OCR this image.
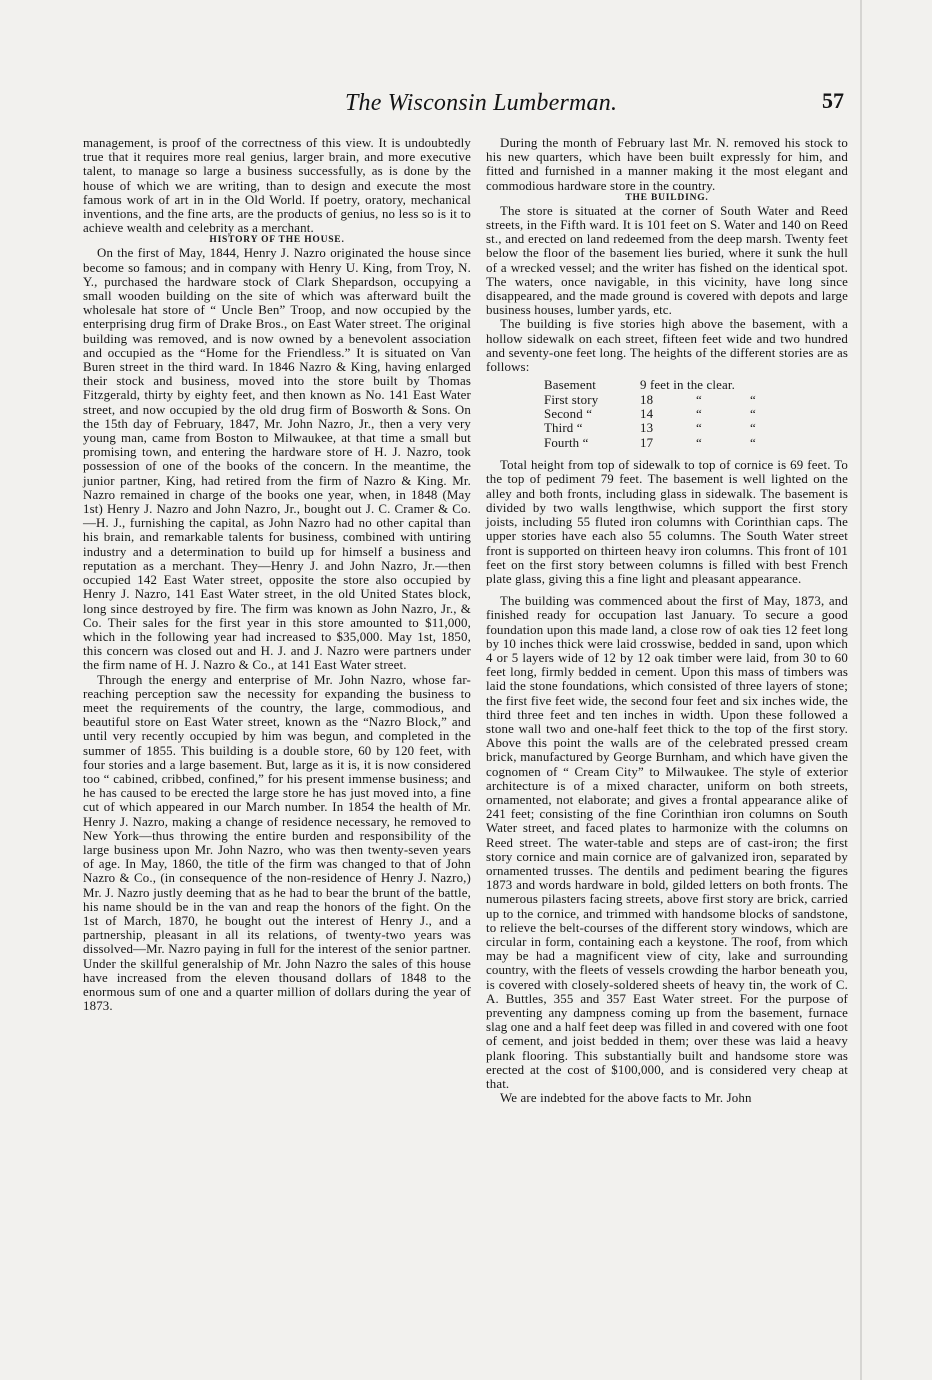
The Wisconsin Lumberman.	57

management, is proof of the correctness of this view. It is undoubtedly true that it requires more real genius, larger brain, and more executive talent, to manage so large a business successfully, as is done by the house of which we are writing, than to design and execute the most famous work of art in in the Old World. If poetry, oratory, mechanical inventions, and the fine arts, are the products of genius, no less so is it to achieve wealth and celebrity as a merchant.

HISTORY OF THE HOUSE.

On the first of May, 1844, Henry J. Nazro originated the house since become so famous; and in company with Henry U. King, from Troy, N. Y., purchased the hardware stock of Clark Shepardson, occupying a small wooden building on the site of which was afterward built the wholesale hat store of “ Uncle Ben” Troop, and now occupied by the enterprising drug firm of Drake Bros., on East Water street. The original building was removed, and is now owned by a benevolent association and occupied as the “Home for the Friendless.” It is situated on Van Buren street in the third ward. In 1846 Nazro & King, having enlarged their stock and business, moved into the store built by Thomas Fitzgerald, thirty by eighty feet, and then known as No. 141 East Water street, and now occupied by the old drug firm of Bosworth & Sons. On the 15th day of February, 1847, Mr. John Nazro, Jr., then a very very young man, came from Boston to Milwaukee, at that time a small but promising town, and entering the hardware store of H. J. Nazro, took possession of one of the books of the concern. In the meantime, the junior partner, King, had retired from the firm of Nazro & King. Mr. Nazro remained in charge of the books one year, when, in 1848 (May 1st) Henry J. Nazro and John Nazro, Jr., bought out J. C. Cramer & Co.—H. J., furnishing the capital, as John Nazro had no other capital than his brain, and remarkable talents for business, combined with untiring industry and a determination to build up for himself a business and reputation as a merchant. They—Henry J. and John Nazro, Jr.—then occupied 142 East Water street, opposite the store also occupied by Henry J. Nazro, 141 East Water street, in the old United States block, long since destroyed by fire. The firm was known as John Nazro, Jr., & Co. Their sales for the first year in this store amounted to $11,000, which in the following year had increased to $35,000. May 1st, 1850, this concern was closed out and H. J. and J. Nazro were partners under the firm name of H. J. Nazro & Co., at 141 East Water street.

Through the energy and enterprise of Mr. John Nazro, whose far-reaching perception saw the necessity for expanding the business to meet the requirements of the country, the large, commodious, and beautiful store on East Water street, known as the “Nazro Block,” and until very recently occupied by him was begun, and completed in the summer of 1855. This building is a double store, 60 by 120 feet, with four stories and a large basement. But, large as it is, it is now considered too “ cabined, cribbed, confined,” for his present immense business; and he has caused to be erected the large store he has just moved into, a fine cut of which appeared in our March number. In 1854 the health of Mr. Henry J. Nazro, making a change of residence necessary, he removed to New York—thus throwing the entire burden and responsibility of the large business upon Mr. John Nazro, who was then twenty-seven years of age. In May, 1860, the title of the firm was changed to that of John Nazro & Co., (in consequence of the non-residence of Henry J. Nazro,) Mr. J. Nazro justly deeming that as he had to bear the brunt of the battle, his name should be in the van and reap the honors of the fight. On the 1st of March, 1870, he bought out the interest of Henry J., and a partnership, pleasant in all its relations, of twenty-two years was dissolved—Mr. Nazro paying in full for the interest of the senior partner. Under the skillful generalship of Mr. John Nazro the sales of this house have increased from the eleven thousand dollars of 1848 to the enormous sum of one and a quarter million of dollars during the year of 1873.

During the month of February last Mr. N. removed his stock to his new quarters, which have been built expressly for him, and fitted and furnished in a manner making it the most elegant and commodious hardware store in the country.

THE BUILDING.

The store is situated at the corner of South Water and Reed streets, in the Fifth ward. It is 101 feet on S. Water and 140 on Reed st., and erected on land redeemed from the deep marsh. Twenty feet below the floor of the basement lies buried, where it sunk the hull of a wrecked vessel; and the writer has fished on the identical spot. The waters, once navigable, in this vicinity, have long since disappeared, and the made ground is covered with depots and large business houses, lumber yards, etc.

The building is five stories high above the basement, with a hollow sidewalk on each street, fifteen feet wide and two hundred and seventy-one feet long. The heights of the different stories are as follows:

Basement	9 feet in the clear.		
First story	18	“	“
Second “	14	“	“
Third “	13	“	“
Fourth “	17	“	“

Total height from top of sidewalk to top of cornice is 69 feet. To the top of pediment 79 feet. The basement is well lighted on the alley and both fronts, including glass in sidewalk. The basement is divided by two walls lengthwise, which support the first story joists, including 55 fluted iron columns with Corinthian caps. The upper stories have each also 55 columns. The South Water street front is supported on thirteen heavy iron columns. This front of 101 feet on the first story between columns is filled with best French plate glass, giving this a fine light and pleasant appearance.

The building was commenced about the first of May, 1873, and finished ready for occupation last January. To secure a good foundation upon this made land, a close row of oak ties 12 feet long by 10 inches thick were laid crosswise, bedded in sand, upon which 4 or 5 layers wide of 12 by 12 oak timber were laid, from 30 to 60 feet long, firmly bedded in cement. Upon this mass of timbers was laid the stone foundations, which consisted of three layers of stone; the first five feet wide, the second four feet and six inches wide, the third three feet and ten inches in width. Upon these followed a stone wall two and one-half feet thick to the top of the first story. Above this point the walls are of the celebrated pressed cream brick, manufactured by George Burnham, and which have given the cognomen of “ Cream City” to Milwaukee. The style of exterior architecture is of a mixed character, uniform on both streets, ornamented, not elaborate; and gives a frontal appearance alike of 241 feet; consisting of the fine Corinthian iron columns on South Water street, and faced plates to harmonize with the columns on Reed street. The water-table and steps are of cast-iron; the first story cornice and main cornice are of galvanized iron, separated by ornamented trusses. The dentils and pediment bearing the figures 1873 and words hardware in bold, gilded letters on both fronts. The numerous pilasters facing streets, above first story are brick, carried up to the cornice, and trimmed with handsome blocks of sandstone, to relieve the belt-courses of the different story windows, which are circular in form, containing each a keystone. The roof, from which may be had a magnificent view of city, lake and surrounding country, with the fleets of vessels crowding the harbor beneath you, is covered with closely-soldered sheets of heavy tin, the work of C. A. Buttles, 355 and 357 East Water street. For the purpose of preventing any dampness coming up from the basement, furnace slag one and a half feet deep was filled in and covered with one foot of cement, and joist bedded in them; over these was laid a heavy plank flooring. This substantially built and handsome store was erected at the cost of $100,000, and is considered very cheap at that.

We are indebted for the above facts to Mr. John
